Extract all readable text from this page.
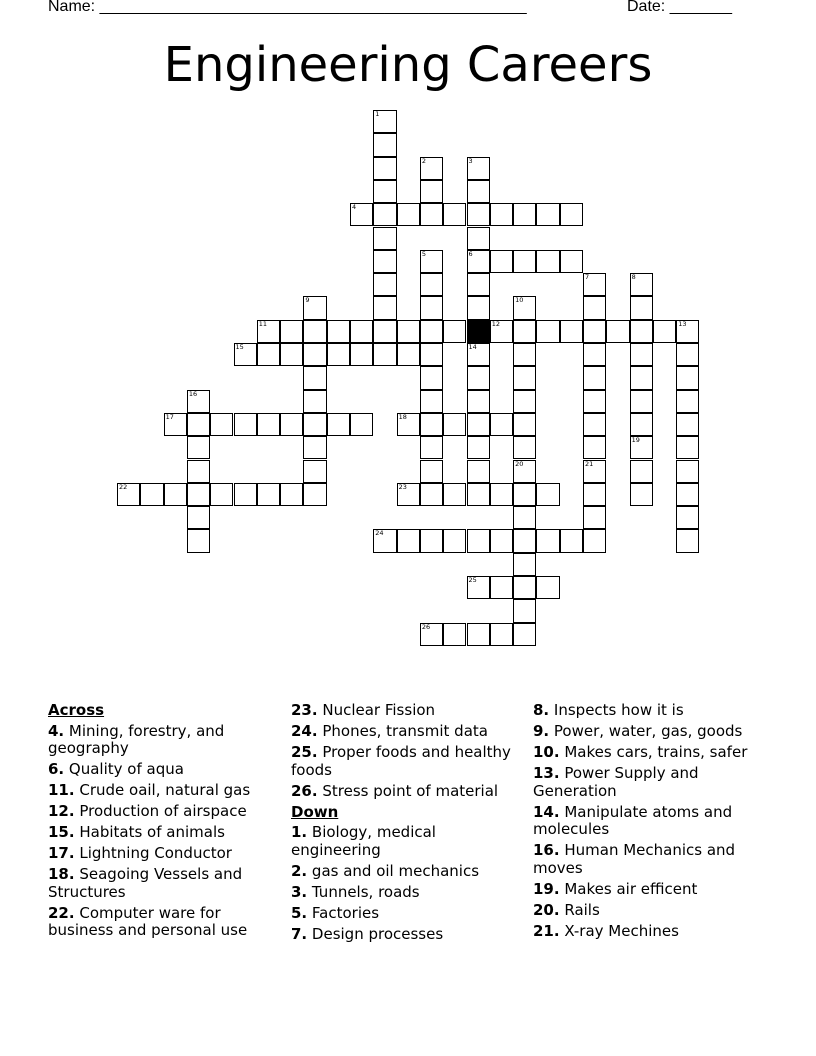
Name: ________________________________________________	Date: _______
Engineering Careers
4
6
11	12	13
15
17	18
22	23
24
25
26
1
2	3
5
7	8
9	10
14
16
19
20	21
Across
4. Mining, forestry, and geography
6. Quality of aqua
11. Crude oail, natural gas
12. Production of airspace
15. Habitats of animals
17. Lightning Conductor
18. Seagoing Vessels and Structures
22. Computer ware for business and personal use
23. Nuclear Fission
24. Phones, transmit data
25. Proper foods and healthy foods
26. Stress point of material
Down
1. Biology, medical engineering
2. gas and oil mechanics
3. Tunnels, roads
5. Factories
7. Design processes
8. Inspects how it is
9. Power, water, gas, goods
10. Makes cars, trains, safer
13. Power Supply and Generation
14. Manipulate atoms and molecules
16. Human Mechanics and moves
19. Makes air efficent
20. Rails
21. X-ray Mechines
